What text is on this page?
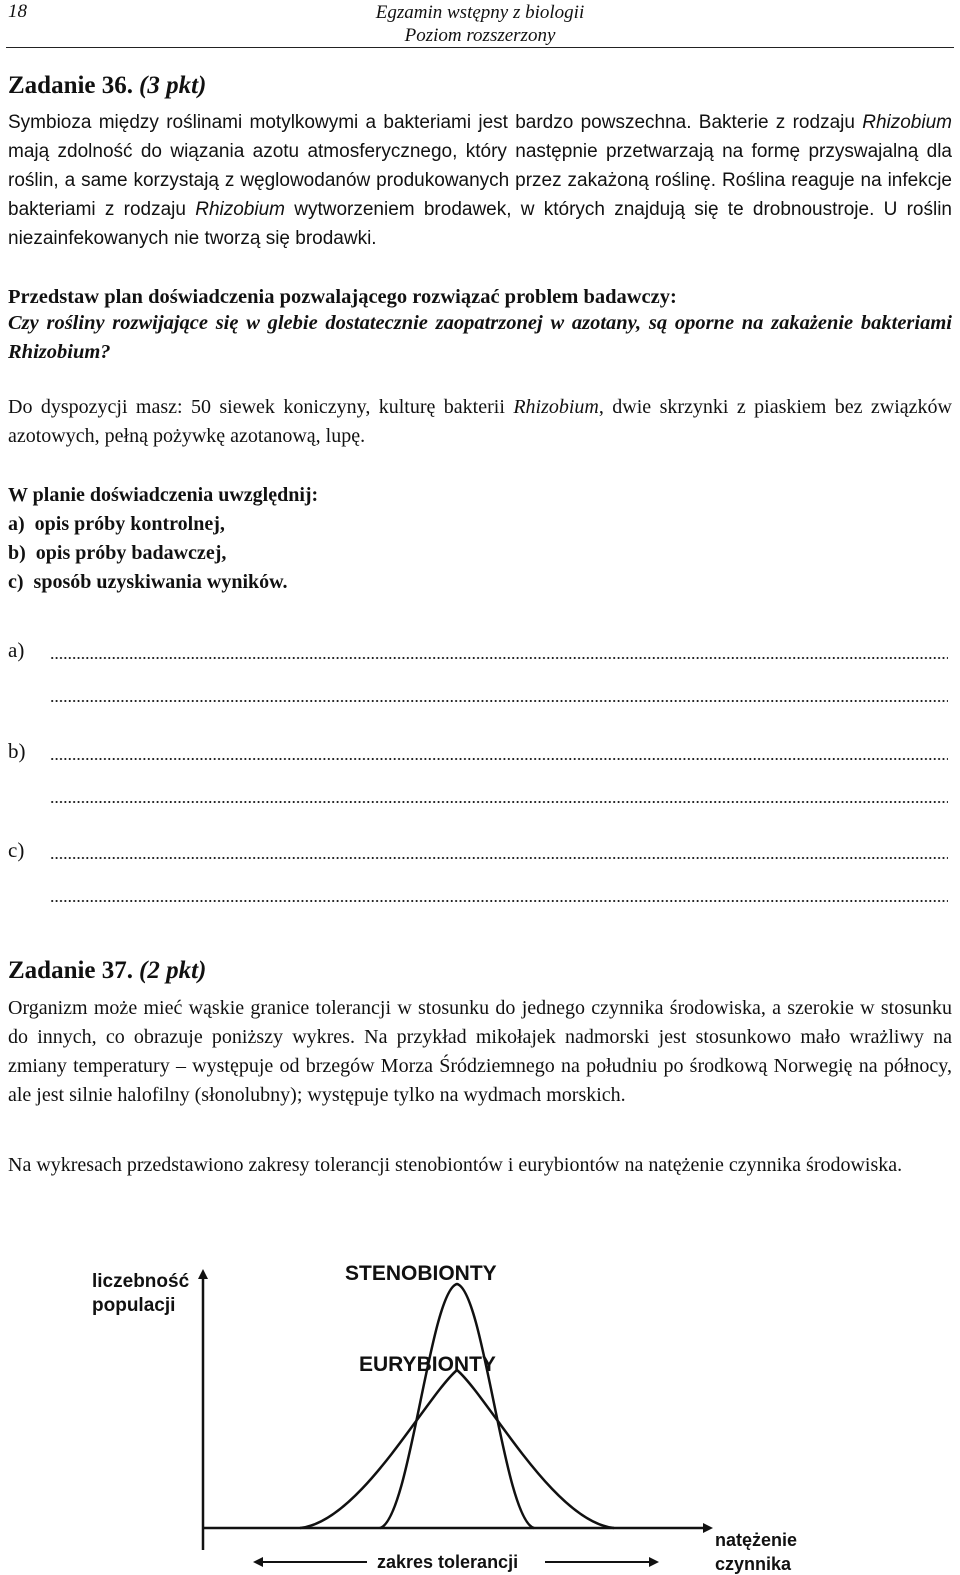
18	Egzamin wstępny z biologii
Poziom rozszerzony
Zadanie 36. (3 pkt)
Symbioza między roślinami motylkowymi a bakteriami jest bardzo powszechna. Bakterie z rodzaju Rhizobium mają zdolność do wiązania azotu atmosferycznego, który następnie przetwarzają na formę przyswajalną dla roślin, a same korzystają z węglowodanów produkowanych przez zakażoną roślinę. Roślina reaguje na infekcje bakteriami z rodzaju Rhizobium wytworzeniem brodawek, w których znajdują się te drobnoustroje. U roślin niezainfekowanych nie tworzą się brodawki.
Przedstaw plan doświadczenia pozwalającego rozwiązać problem badawczy:
Czy rośliny rozwijające się w glebie dostatecznie zaopatrzonej w azotany, są oporne na zakażenie bakteriami Rhizobium?
Do dyspozycji masz: 50 siewek koniczyny, kulturę bakterii Rhizobium, dwie skrzynki z piaskiem bez związków azotowych, pełną pożywkę azotanową, lupę.
W planie doświadczenia uwzględnij:
a)  opis próby kontrolnej,
b)  opis próby badawczej,
c)  sposób uzyskiwania wyników.
a)
b)
c)
Zadanie 37. (2 pkt)
Organizm może mieć wąskie granice tolerancji w stosunku do jednego czynnika środowiska, a szerokie w stosunku do innych, co obrazuje poniższy wykres. Na przykład mikołajek nadmorski jest stosunkowo mało wrażliwy na zmiany temperatury – występuje od brzegów Morza Śródziemnego na południu po środkową Norwegię na północy, ale jest silnie halofilny (słonolubny); występuje tylko na wydmach morskich.
Na wykresach przedstawiono zakresy tolerancji stenobiontów i eurybiontów na natężenie czynnika środowiska.
liczebność
populacji
STENOBIONTY
EURYBIONTY
zakres tolerancji
natężenie
czynnika
